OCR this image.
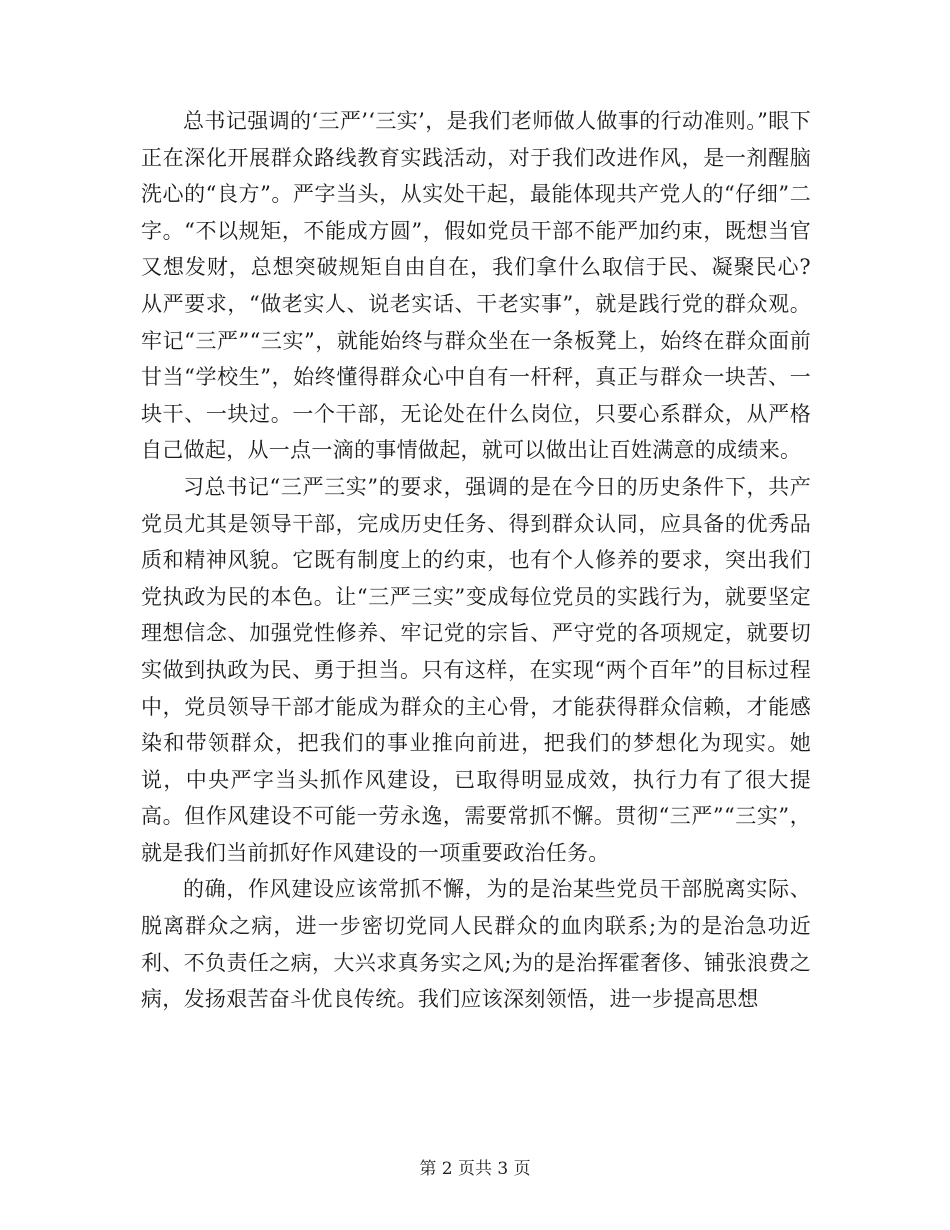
总书记强调的‘三严’‘三实’，是我们老师做人做事的行动准则。”眼下正在深化开展群众路线教育实践活动，对于我们改进作风，是一剂醒脑洗心的“良方”。严字当头，从实处干起，最能体现共产党人的“仔细”二字。“不以规矩，不能成方圆”，假如党员干部不能严加约束，既想当官又想发财，总想突破规矩自由自在，我们拿什么取信于民、凝聚民心?从严要求，“做老实人、说老实话、干老实事”，就是践行党的群众观。牢记“三严”“三实”，就能始终与群众坐在一条板凳上，始终在群众面前甘当“学校生”，始终懂得群众心中自有一杆秤，真正与群众一块苦、一块干、一块过。一个干部，无论处在什么岗位，只要心系群众，从严格自己做起，从一点一滴的事情做起，就可以做出让百姓满意的成绩来。

习总书记“三严三实”的要求，强调的是在今日的历史条件下，共产党员尤其是领导干部，完成历史任务、得到群众认同，应具备的优秀品质和精神风貌。它既有制度上的约束，也有个人修养的要求，突出我们党执政为民的本色。让“三严三实”变成每位党员的实践行为，就要坚定理想信念、加强党性修养、牢记党的宗旨、严守党的各项规定，就要切实做到执政为民、勇于担当。只有这样，在实现“两个百年”的目标过程中，党员领导干部才能成为群众的主心骨，才能获得群众信赖，才能感染和带领群众，把我们的事业推向前进，把我们的梦想化为现实。她说，中央严字当头抓作风建设，已取得明显成效，执行力有了很大提高。但作风建设不可能一劳永逸，需要常抓不懈。贯彻“三严”“三实”，就是我们当前抓好作风建设的一项重要政治任务。

的确，作风建设应该常抓不懈，为的是治某些党员干部脱离实际、脱离群众之病，进一步密切党同人民群众的血肉联系;为的是治急功近利、不负责任之病，大兴求真务实之风;为的是治挥霍奢侈、铺张浪费之病，发扬艰苦奋斗优良传统。我们应该深刻领悟，进一步提高思想

第 2 页共 3 页
